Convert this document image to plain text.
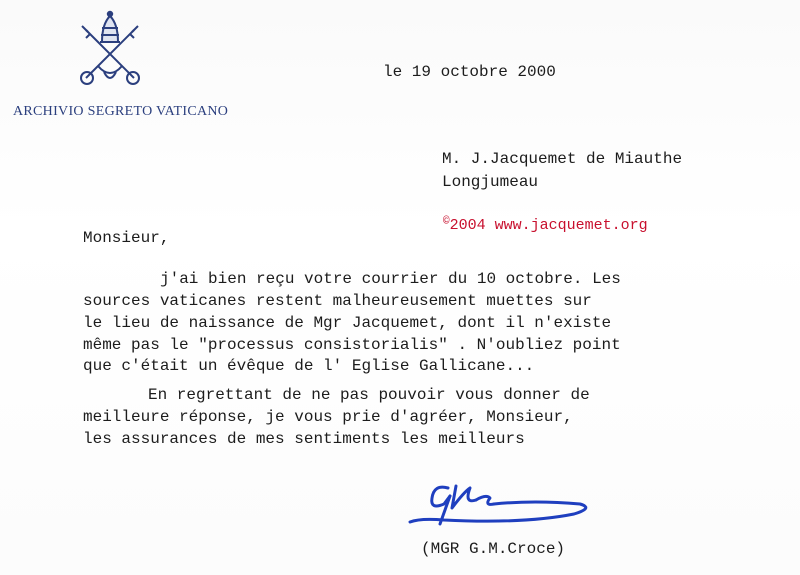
ARCHIVIO SEGRETO VATICANO
le 19 octobre 2000
M. J.Jacquemet de Miauthe
Longjumeau
©2004 www.jacquemet.org
Monsieur,
j'ai bien reçu votre courrier du 10 octobre. Les
sources vaticanes restent malheureusement muettes sur
le lieu de naissance de Mgr Jacquemet, dont il n'existe
même pas le "processus consistorialis" . N'oubliez point
que c'était un évêque de l' Eglise Gallicane...
En regrettant de ne pas pouvoir vous donner de
meilleure réponse, je vous prie d'agréer, Monsieur,
les assurances de mes sentiments les meilleurs
(MGR G.M.Croce)
